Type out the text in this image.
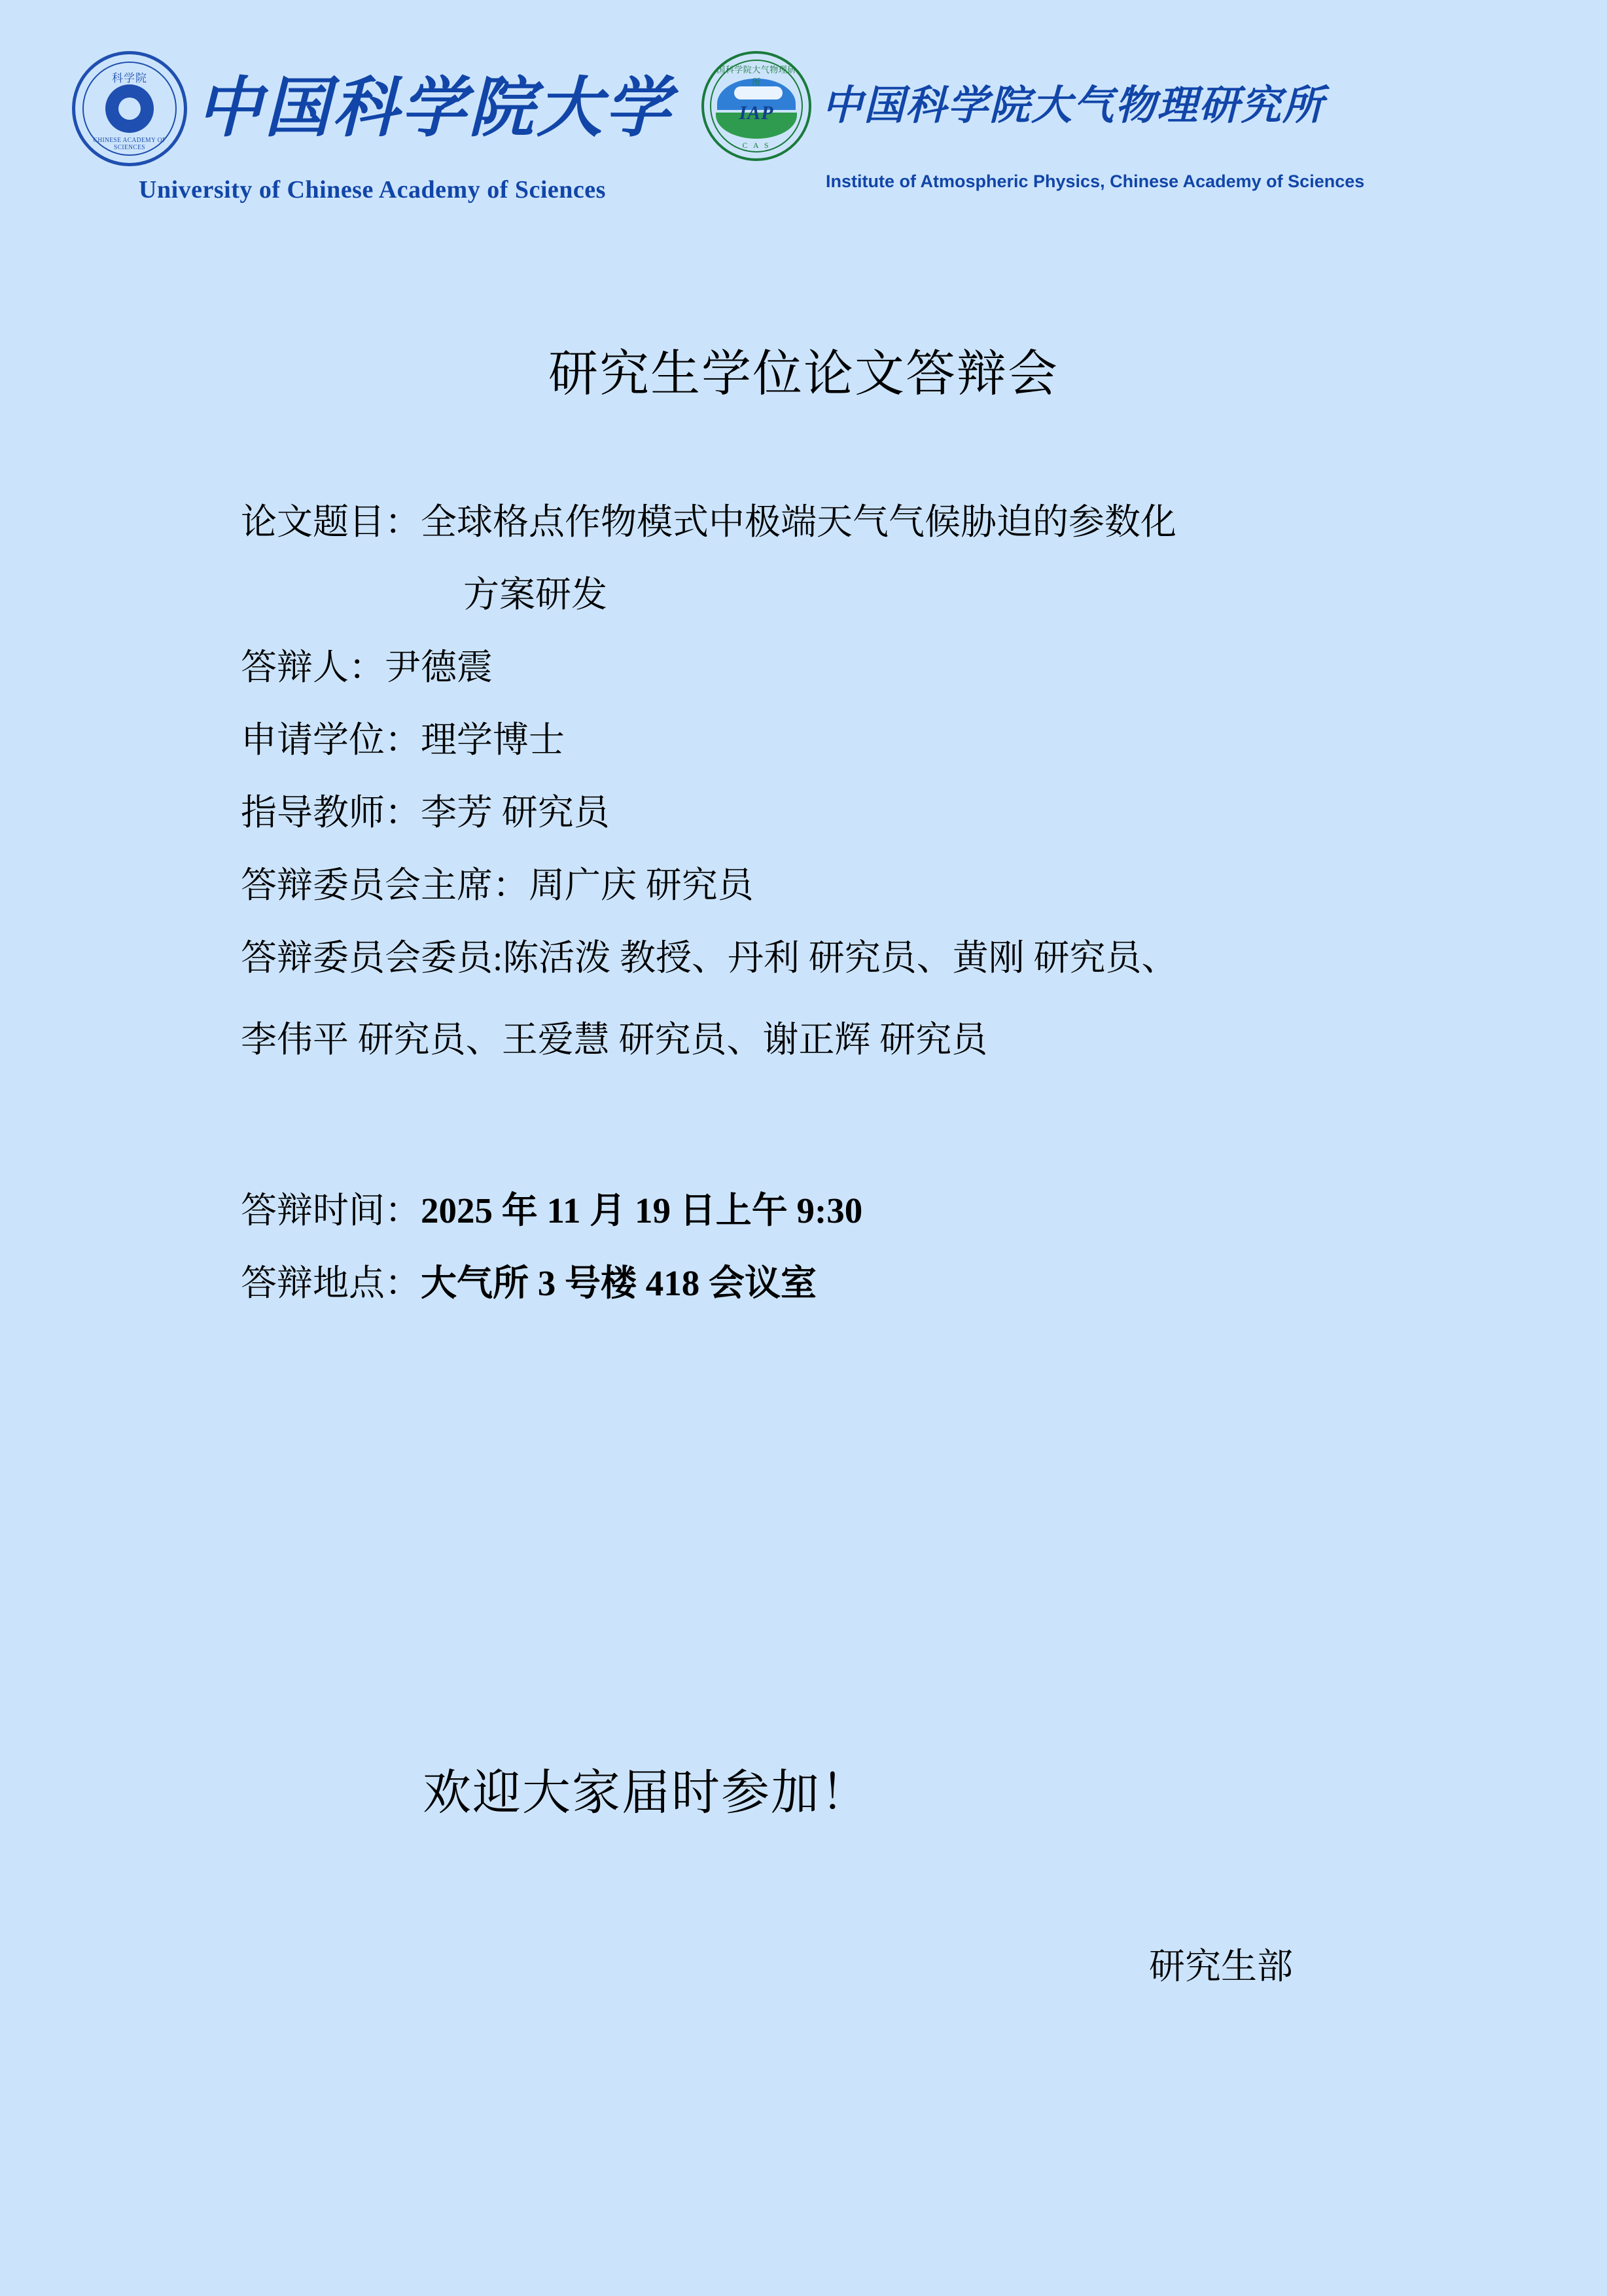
科学院
CHINESE ACADEMY OF SCIENCES
中国科学院大学
University of Chinese Academy of Sciences
中国科学院大气物理研究所
IAP
C A S
中国科学院大气物理研究所
Institute of Atmospheric Physics, Chinese Academy of Sciences
研究生学位论文答辩会
论文题目：全球格点作物模式中极端天气气候胁迫的参数化
方案研发
答辩人：尹德震
申请学位：理学博士
指导教师：李芳 研究员
答辩委员会主席：周广庆 研究员
答辩委员会委员:陈活泼 教授、丹利 研究员、黄刚 研究员、
李伟平 研究员、王爱慧 研究员、谢正辉 研究员
答辩时间：2025 年 11 月 19 日上午 9:30
答辩地点：大气所 3 号楼 418 会议室
欢迎大家届时参加！
研究生部
